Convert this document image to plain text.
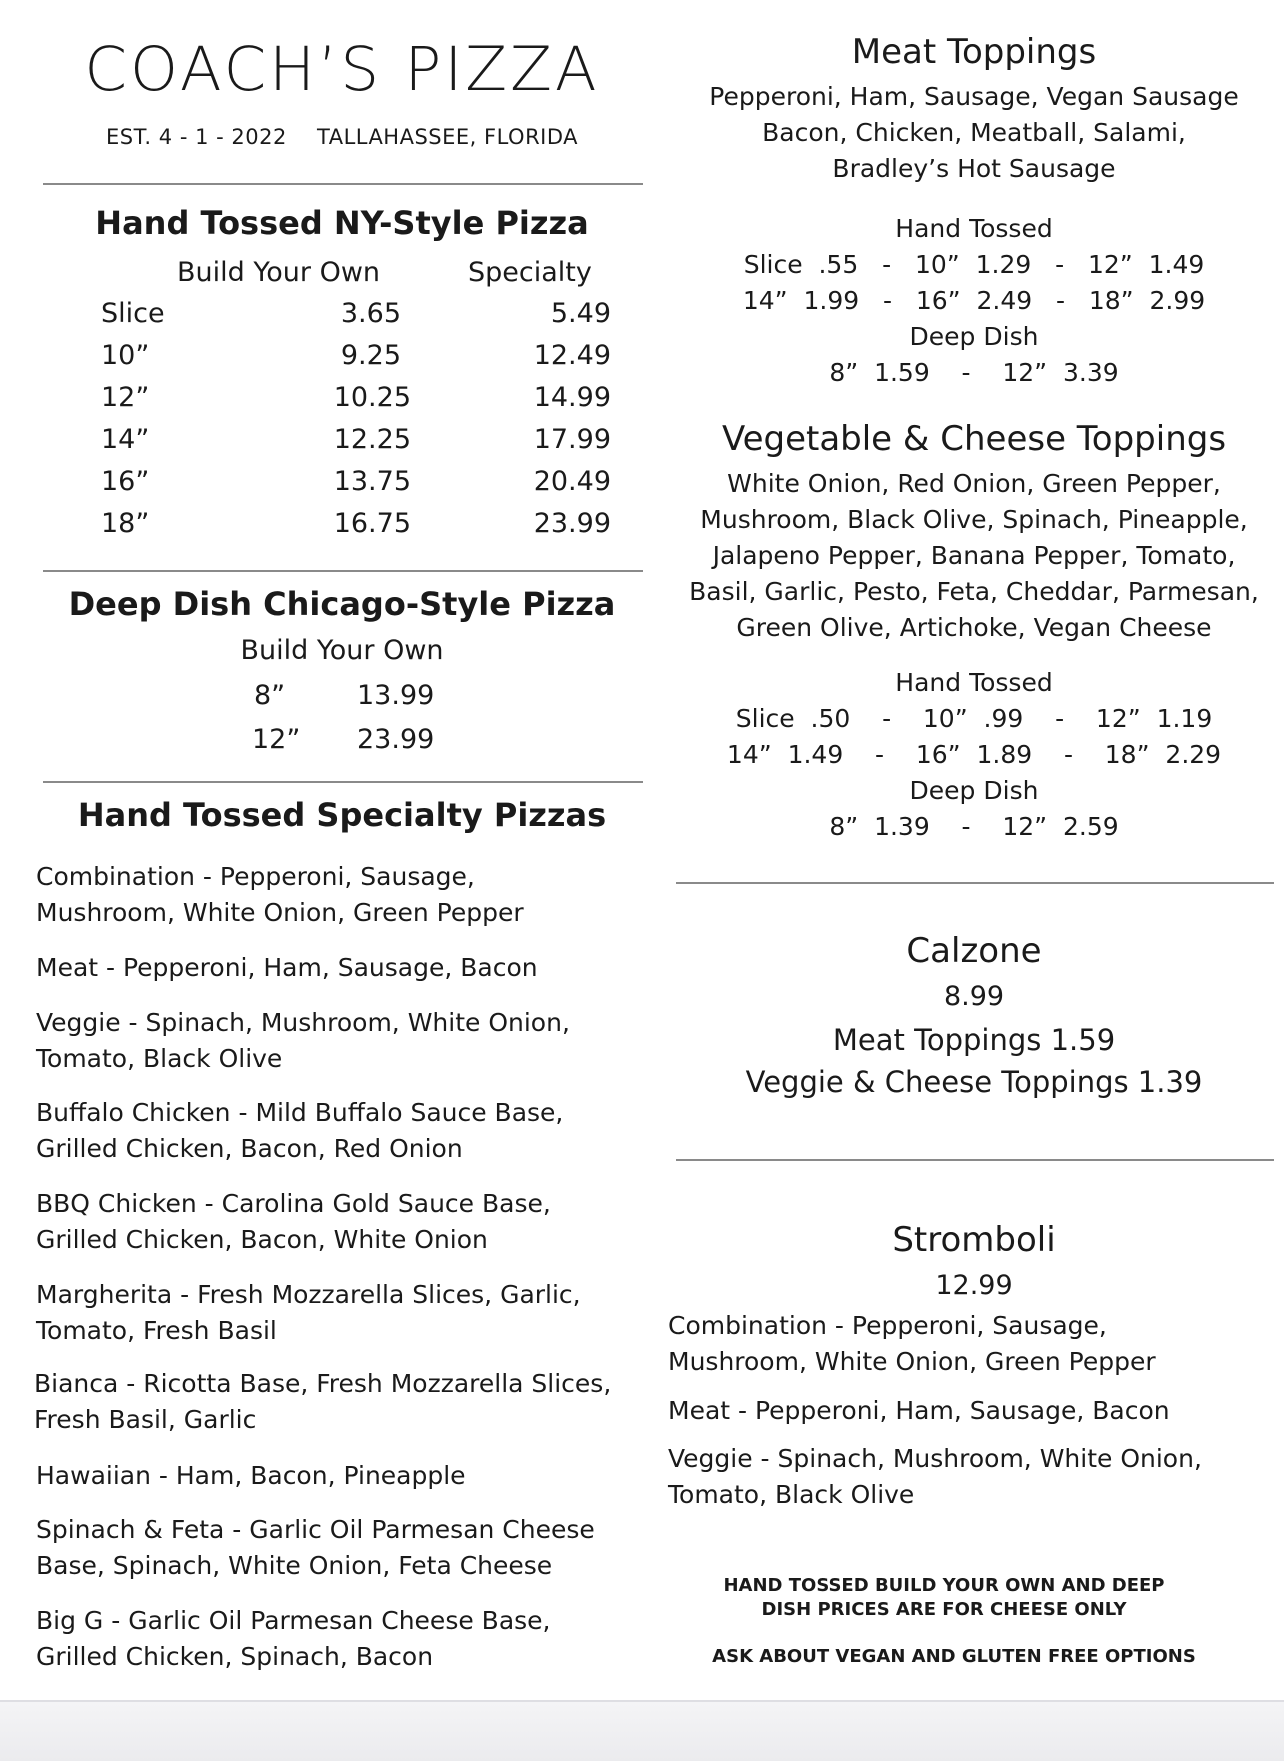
COACH’S PIZZA
EST. 4 - 1 - 2022 TALLAHASSEE, FLORIDA
Hand Tossed NY-Style Pizza
Build Your Own	Specialty
Slice	3.65	5.49
10”	9.25	12.49
12”	10.25	14.99
14”	12.25	17.99
16”	13.75	20.49
18”	16.75	23.99
Deep Dish Chicago-Style Pizza
Build Your Own
8”	13.99
12” 23.99
Hand Tossed Specialty Pizzas
Combination - Pepperoni, Sausage,
Mushroom, White Onion, Green Pepper
Meat - Pepperoni, Ham, Sausage, Bacon
Veggie - Spinach, Mushroom, White Onion,
Tomato, Black Olive
Buffalo Chicken - Mild Buffalo Sauce Base,
Grilled Chicken, Bacon, Red Onion
BBQ Chicken - Carolina Gold Sauce Base,
Grilled Chicken, Bacon, White Onion
Margherita - Fresh Mozzarella Slices, Garlic,
Tomato, Fresh Basil
Bianca - Ricotta Base, Fresh Mozzarella Slices,
Fresh Basil, Garlic
Hawaiian - Ham, Bacon, Pineapple
Spinach & Feta - Garlic Oil Parmesan Cheese
Base, Spinach, White Onion, Feta Cheese
Big G - Garlic Oil Parmesan Cheese Base,
Grilled Chicken, Spinach, Bacon
Meat Toppings
Pepperoni, Ham, Sausage, Vegan Sausage
Bacon, Chicken, Meatball, Salami,
Bradley’s Hot Sausage
Hand Tossed
Slice  .55   -   10”  1.29   -   12”  1.49
14”  1.99   -   16”  2.49   -   18”  2.99
Deep Dish
8”  1.59    -    12”  3.39
Vegetable & Cheese Toppings
White Onion, Red Onion, Green Pepper,
Mushroom, Black Olive, Spinach, Pineapple,
Jalapeno Pepper, Banana Pepper, Tomato,
Basil, Garlic, Pesto, Feta, Cheddar, Parmesan,
Green Olive, Artichoke, Vegan Cheese
Hand Tossed
Slice  .50    -    10”  .99    -    12”  1.19
14”  1.49    -    16”  1.89    -    18”  2.29
Deep Dish
8”  1.39    -    12”  2.59
Calzone
8.99
Meat Toppings 1.59
Veggie & Cheese Toppings 1.39
Stromboli
12.99
Combination - Pepperoni, Sausage,
Mushroom, White Onion, Green Pepper
Meat - Pepperoni, Ham, Sausage, Bacon
Veggie - Spinach, Mushroom, White Onion,
Tomato, Black Olive
HAND TOSSED BUILD YOUR OWN AND DEEP
DISH PRICES ARE FOR CHEESE ONLY
ASK ABOUT VEGAN AND GLUTEN FREE OPTIONS
